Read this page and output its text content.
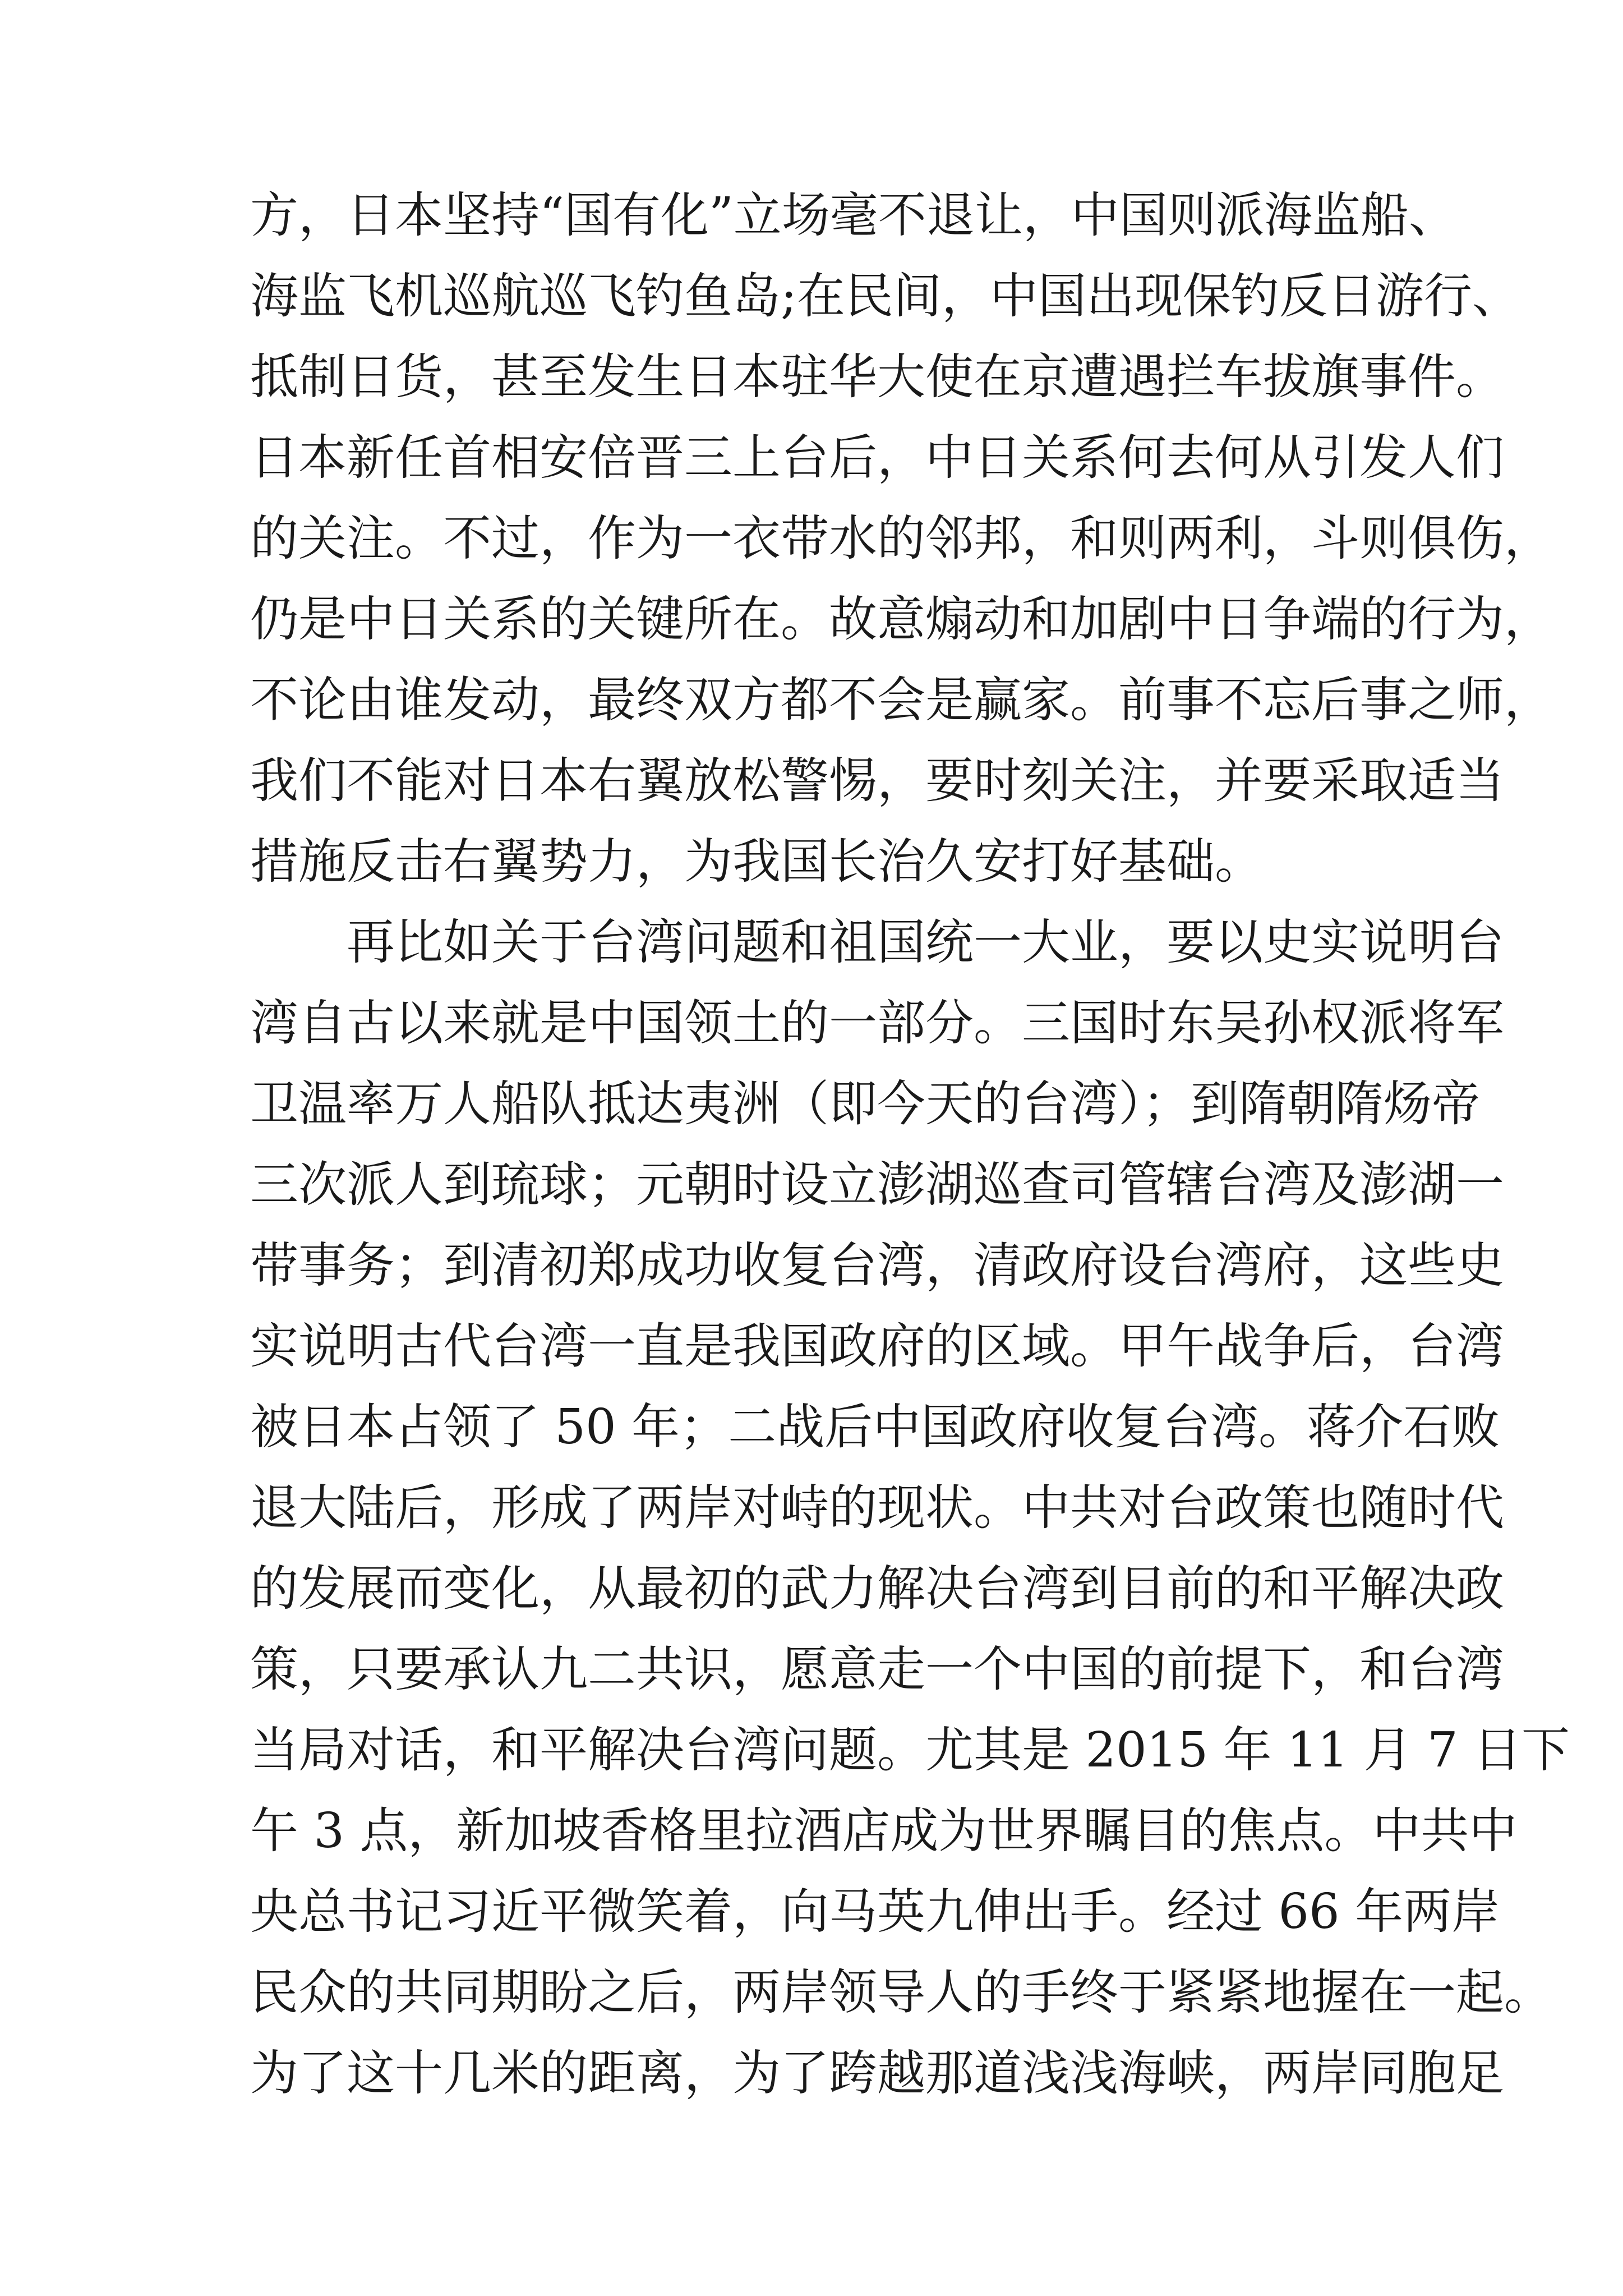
方，日本坚持“国有化”立场毫不退让，中国则派海监船、
海监飞机巡航巡飞钓鱼岛;在民间，中国出现保钓反日游行、
抵制日货，甚至发生日本驻华大使在京遭遇拦车拔旗事件。
日本新任首相安倍晋三上台后，中日关系何去何从引发人们
的关注。不过，作为一衣带水的邻邦，和则两利，斗则俱伤，
仍是中日关系的关键所在。故意煽动和加剧中日争端的行为，
不论由谁发动，最终双方都不会是赢家。前事不忘后事之师，
我们不能对日本右翼放松警惕，要时刻关注，并要采取适当
措施反击右翼势力，为我国长治久安打好基础。
再比如关于台湾问题和祖国统一大业，要以史实说明台
湾自古以来就是中国领土的一部分。三国时东吴孙权派将军
卫温率万人船队抵达夷洲（即今天的台湾）；到隋朝隋炀帝
三次派人到琉球；元朝时设立澎湖巡查司管辖台湾及澎湖一
带事务；到清初郑成功收复台湾，清政府设台湾府，这些史
实说明古代台湾一直是我国政府的区域。甲午战争后，台湾
被日本占领了 50 年；二战后中国政府收复台湾。蒋介石败
退大陆后，形成了两岸对峙的现状。中共对台政策也随时代
的发展而变化，从最初的武力解决台湾到目前的和平解决政
策，只要承认九二共识，愿意走一个中国的前提下，和台湾
当局对话，和平解决台湾问题。尤其是 2015 年 11 月 7 日下
午 3 点，新加坡香格里拉酒店成为世界瞩目的焦点。中共中
央总书记习近平微笑着，向马英九伸出手。经过 66 年两岸
民众的共同期盼之后，两岸领导人的手终于紧紧地握在一起。
为了这十几米的距离，为了跨越那道浅浅海峡，两岸同胞足
